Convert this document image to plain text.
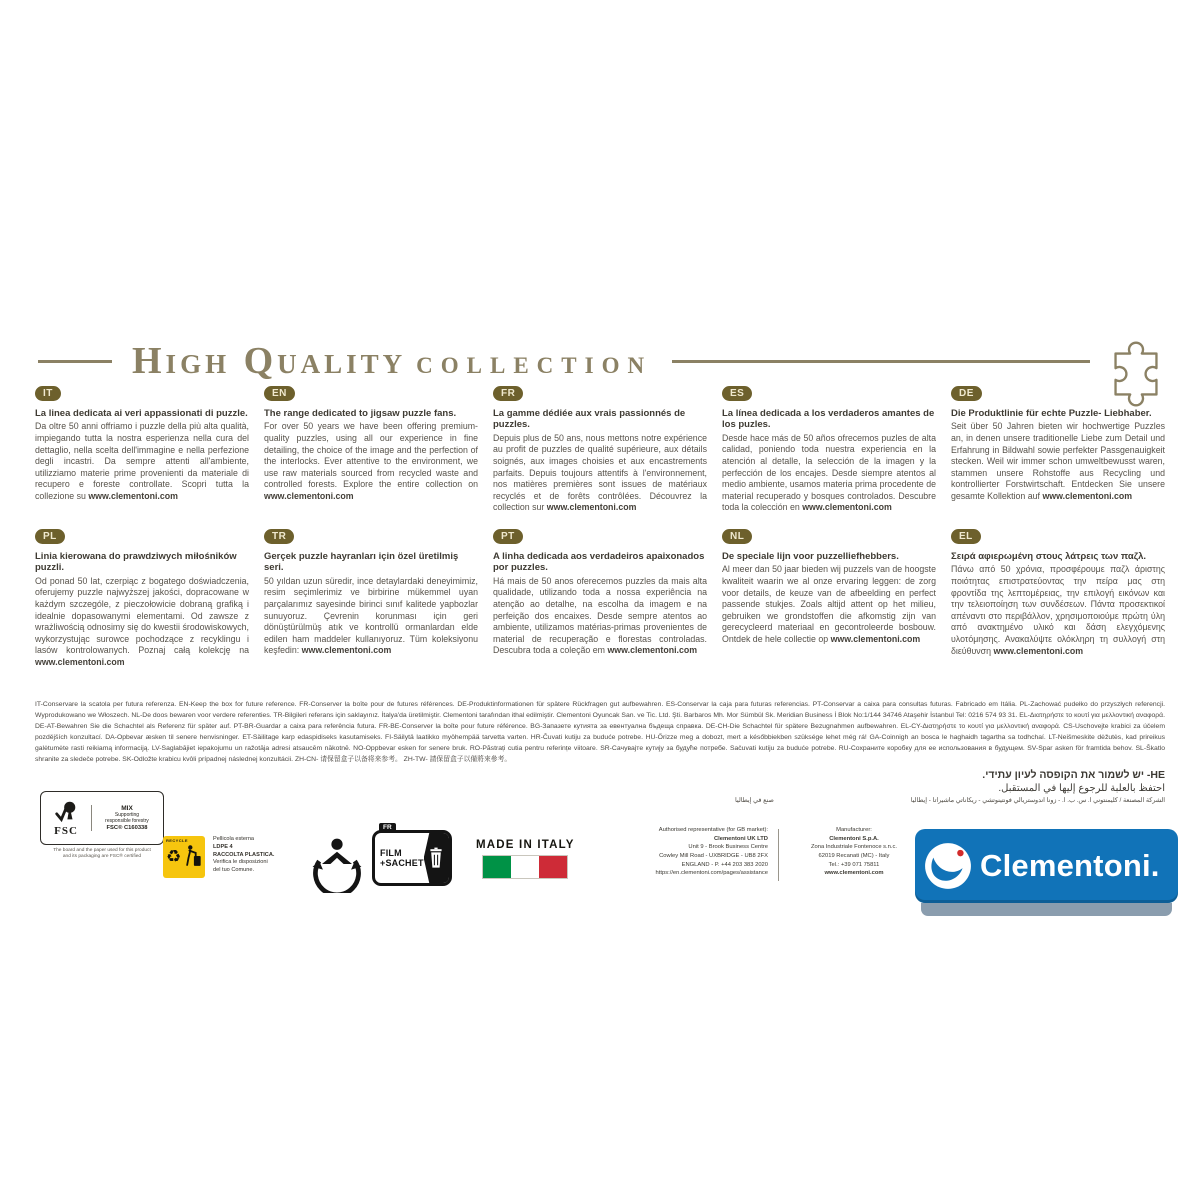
High Quality COLLECTION
IT
La linea dedicata ai veri appassionati di puzzle.
Da oltre 50 anni offriamo i puzzle della più alta qualità, impiegando tutta la nostra esperienza nella cura del dettaglio, nella scelta dell'immagine e nella perfezione degli incastri. Da sempre attenti all'ambiente, utilizziamo materie prime provenienti da materiale di recupero e foreste controllate. Scopri tutta la collezione su www.clementoni.com
EN
The range dedicated to jigsaw puzzle fans.
For over 50 years we have been offering premium-quality puzzles, using all our experience in fine detailing, the choice of the image and the perfection of the interlocks. Ever attentive to the environment, we use raw materials sourced from recycled waste and controlled forests. Explore the entire collection on www.clementoni.com
FR
La gamme dédiée aux vrais passionnés de puzzles.
Depuis plus de 50 ans, nous mettons notre expérience au profit de puzzles de qualité supérieure, aux détails soignés, aux images choisies et aux encastrements parfaits. Depuis toujours attentifs à l'environnement, nos matières premières sont issues de matériaux recyclés et de forêts contrôlées. Découvrez la collection sur www.clementoni.com
ES
La línea dedicada a los verdaderos amantes de los puzles.
Desde hace más de 50 años ofrecemos puzles de alta calidad, poniendo toda nuestra experiencia en la atención al detalle, la selección de la imagen y la perfección de los encajes. Desde siempre atentos al medio ambiente, usamos materia prima procedente de material recuperado y bosques controlados. Descubre toda la colección en www.clementoni.com
DE
Die Produktlinie für echte Puzzle- Liebhaber.
Seit über 50 Jahren bieten wir hochwertige Puzzles an, in denen unsere traditionelle Liebe zum Detail und Erfahrung in Bildwahl sowie perfekter Passgenauigkeit stecken. Weil wir immer schon umweltbewusst waren, stammen unsere Rohstoffe aus Recycling und kontrollierter Forstwirtschaft. Entdecken Sie unsere gesamte Kollektion auf www.clementoni.com
PL
Linia kierowana do prawdziwych miłośników puzzli.
Od ponad 50 lat, czerpiąc z bogatego doświadczenia, oferujemy puzzle najwyższej jakości, dopracowane w każdym szczególe, z pieczołowicie dobraną grafiką i idealnie dopasowanymi elementami. Od zawsze z wrażliwością odnosimy się do kwestii środowiskowych, wykorzystując surowce pochodzące z recyklingu i lasów kontrolowanych. Poznaj całą kolekcję na www.clementoni.com
TR
Gerçek puzzle hayranları için özel üretilmiş seri.
50 yıldan uzun süredir, ince detaylardaki deneyimimiz, resim seçimlerimiz ve birbirine mükemmel uyan parçalarımız sayesinde birinci sınıf kalitede yapbozlar sunuyoruz. Çevrenin korunması için geri dönüştürülmüş atık ve kontrollü ormanlardan elde edilen ham maddeler kullanıyoruz. Tüm koleksiyonu keşfedin: www.clementoni.com
PT
A linha dedicada aos verdadeiros apaixonados por puzzles.
Há mais de 50 anos oferecemos puzzles da mais alta qualidade, utilizando toda a nossa experiência na atenção ao detalhe, na escolha da imagem e na perfeição dos encaixes. Desde sempre atentos ao ambiente, utilizamos matérias-primas provenientes de material de recuperação e florestas controladas. Descubra toda a coleção em www.clementoni.com
NL
De speciale lijn voor puzzelliefhebbers.
Al meer dan 50 jaar bieden wij puzzels van de hoogste kwaliteit waarin we al onze ervaring leggen: de zorg voor details, de keuze van de afbeelding en perfect passende stukjes. Zoals altijd attent op het milieu, gebruiken we grondstoffen die afkomstig zijn van gerecycleerd materiaal en gecontroleerde bosbouw. Ontdek de hele collectie op www.clementoni.com
EL
Σειρά αφιερωμένη στους λάτρεις των παζλ.
Πάνω από 50 χρόνια, προσφέρουμε παζλ άριστης ποιότητας επιστρατεύοντας την πείρα μας στη φροντίδα της λεπτομέρειας, την επιλογή εικόνων και την τελειοποίηση των συνδέσεων. Πάντα προσεκτικοί απέναντι στο περιβάλλον, χρησιμοποιούμε πρώτη ύλη από ανακτημένο υλικό και δάση ελεγχόμενης υλοτόμησης. Ανακαλύψτε ολόκληρη τη συλλογή στη διεύθυνση www.clementoni.com

IT-Conservare la scatola per futura referenza. EN-Keep the box for future reference. FR-Conserver la boîte pour de futures références. DE-Produktinformationen für spätere Rückfragen gut aufbewahren. ES-Conservar la caja para futuras referencias. PT-Conservar a caixa para consultas futuras. Fabricado em Itália. PL-Zachować pudełko do przyszłych referencji. Wyprodukowano we Włoszech. NL-De doos bewaren voor verdere referenties. TR-Bilgileri referans için saklayınız. İtalya'da üretilmiştir. Clementoni tarafından ithal edilmiştir. Clementoni Oyuncak San. ve Tic. Ltd. Şti. Barbaros Mh. Mor Sümbül Sk. Meridian Business İ Blok No:1/144 34746 Ataşehir İstanbul Tel: 0216 574 93 31. EL-Διατηρήστε το κουτί για μελλοντική αναφορά. DE-AT-Bewahren Sie die Schachtel als Referenz für später auf. PT-BR-Guardar a caixa para referência futura. FR-BE-Conserver la boîte pour future référence. BG-Запазете кутията за евентуална бъдеща справка. DE-CH-Die Schachtel für spätere Bezugnahmen aufbewahren. EL-CY-Διατηρήστε το κουτί για μελλοντική αναφορά. CS-Uschovejte krabici za účelem pozdějších konzultací. DA-Opbevar æsken til senere henvisninger. ET-Säilitage karp edaspidiseks kasutamiseks. FI-Säilytä laatikko myöhempää tarvetta varten. HR-Čuvati kutiju za buduće potrebe. HU-Őrizze meg a dobozt, mert a későbbiekben szüksége lehet még rá! GA-Coinnigh an bosca le haghaidh tagartha sa todhchaí. LT-Neišmeskite dėžutės, kad prireikus galėtumėte rasti reikiamą informaciją. LV-Saglabājiet iepakojumu un ražotāja adresi atsaucēm nākotnē. NO-Oppbevar esken for senere bruk. RO-Păstrați cutia pentru referințe viitoare. SR-Сачувајте кутију за будуће потребе. Sačuvati kutiju za buduće potrebe. RU-Сохраните коробку для ее использования в будущем. SV-Spar asken för framtida behov. SL-Škatlo shranite za sledeče potrebe. SK-Odložte krabicu kvôli prípadnej následnej konzultácii. ZH-CN- 请保留盒子以备将来参考。 ZH-TW- 請保留盒子以備將來參考。

HE- יש לשמור את הקופסה לעיון עתידי.
احتفظ بالعلبة للرجوع إليها في المستقبل.
الشركة المصنعة / كليمنتوني ا. س. ب. ا. - زونا اندوستريالي فونتينوتشي - ريكاناتي ماشيراتا - إيطاليا
صنع في إيطاليا
FSC
MIX
Supporting
responsible forestry
FSC® C160338
The board and the paper used for this product
and its packaging are FSC® certified
RECYCLE
♻
Pellicola esterna
LDPE 4
RACCOLTA PLASTICA.
Verifica le disposizioni
del tuo Comune.
FR
FILM
+SACHET
MADE IN ITALY
Authorised representative (for GB market):
Clementoni UK LTD
Unit 9 - Brook Business Centre
Cowley Mill Road - UXBRIDGE - UB8 2FX
ENGLAND - P. +44 203 383 2020
https://en.clementoni.com/pages/assistance
Manufacturer:
Clementoni S.p.A.
Zona Industriale Fontenoce s.n.c.
62019 Recanati (MC) - Italy
Tel.: +39 071 75811
www.clementoni.com	Clementoni.
